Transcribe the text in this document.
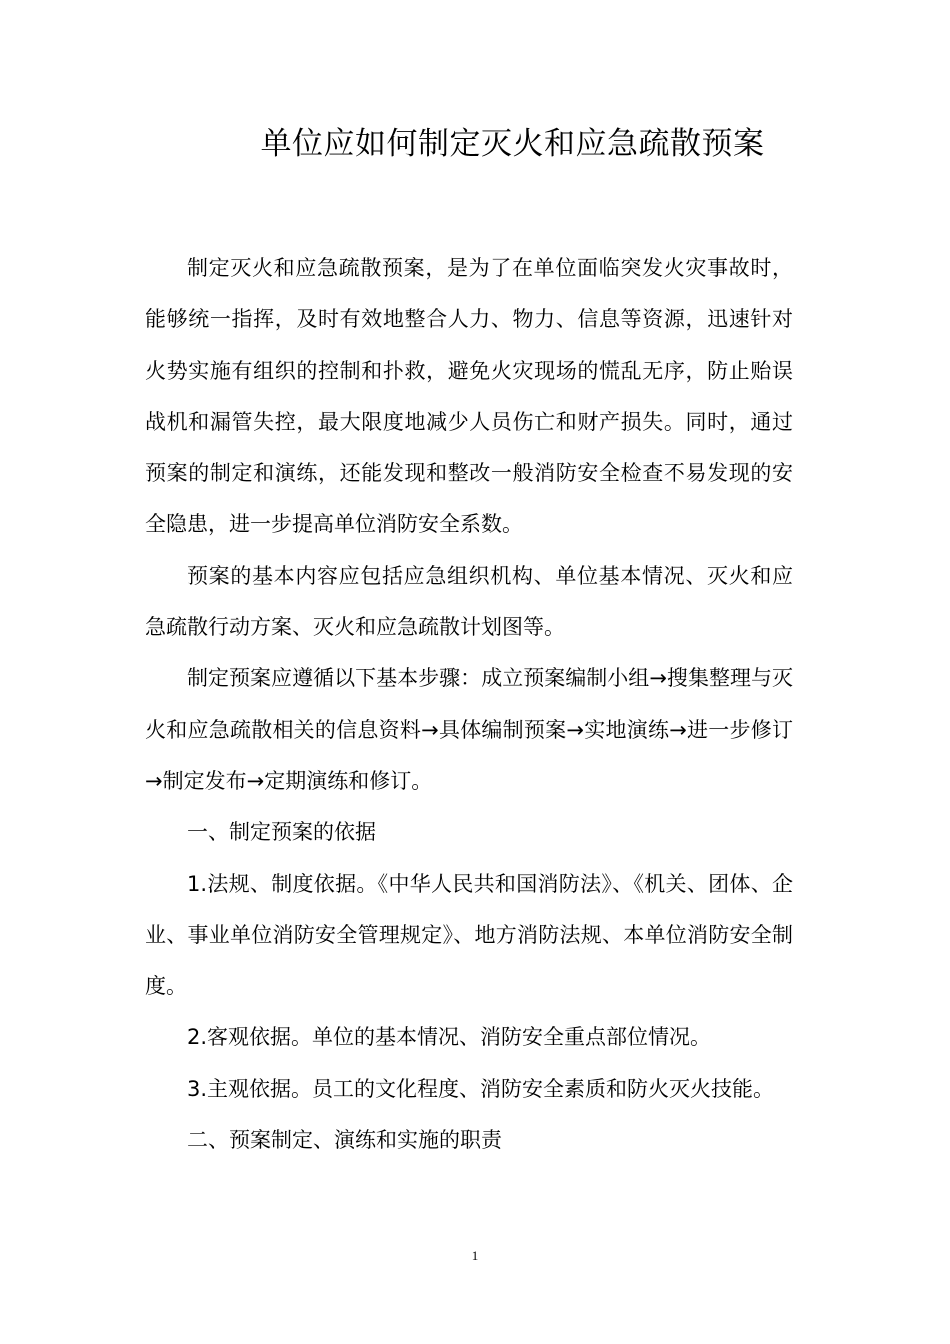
单位应如何制定灭火和应急疏散预案

制定灭火和应急疏散预案，是为了在单位面临突发火灾事故时，能够统一指挥，及时有效地整合人力、物力、信息等资源，迅速针对火势实施有组织的控制和扑救，避免火灾现场的慌乱无序，防止贻误战机和漏管失控，最大限度地减少人员伤亡和财产损失。同时，通过预案的制定和演练，还能发现和整改一般消防安全检查不易发现的安全隐患，进一步提高单位消防安全系数。

预案的基本内容应包括应急组织机构、单位基本情况、灭火和应急疏散行动方案、灭火和应急疏散计划图等。

制定预案应遵循以下基本步骤：成立预案编制小组→搜集整理与灭火和应急疏散相关的信息资料→具体编制预案→实地演练→进一步修订→制定发布→定期演练和修订。

一、制定预案的依据

1.法规、制度依据。《中华人民共和国消防法》、《机关、团体、企业、事业单位消防安全管理规定》、地方消防法规、本单位消防安全制度。

2.客观依据。单位的基本情况、消防安全重点部位情况。

3.主观依据。员工的文化程度、消防安全素质和防火灭火技能。

二、预案制定、演练和实施的职责

1
